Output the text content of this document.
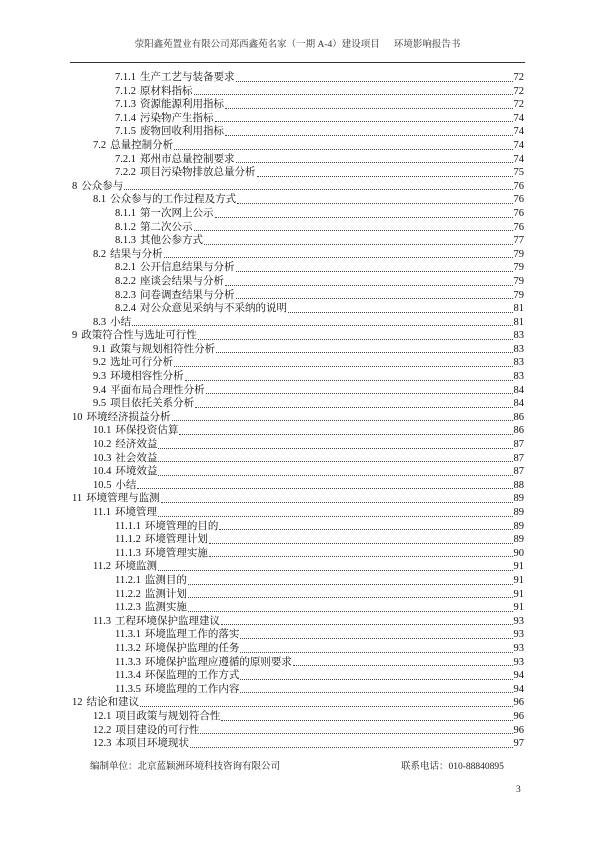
荥阳鑫苑置业有限公司郑西鑫苑名家（一期 A-4）建设项目 环境影响报告书
7.1.1 生产工艺与装备要求	72
7.1.2 原材料指标	72
7.1.3 资源能源利用指标	72
7.1.4 污染物产生指标	74
7.1.5 废物回收利用指标	74
7.2 总量控制分析	74
7.2.1 郑州市总量控制要求	74
7.2.2 项目污染物排放总量分析	75
8 公众参与	76
8.1 公众参与的工作过程及方式	76
8.1.1 第一次网上公示	76
8.1.2 第二次公示	76
8.1.3 其他公参方式	77
8.2 结果与分析	79
8.2.1 公开信息结果与分析	79
8.2.2 座谈会结果与分析	79
8.2.3 问卷调查结果与分析	79
8.2.4 对公众意见采纳与不采纳的说明	81
8.3 小结	81
9 政策符合性与选址可行性	83
9.1 政策与规划相符性分析	83
9.2 选址可行分析	83
9.3 环境相容性分析	83
9.4 平面布局合理性分析	84
9.5 项目依托关系分析	84
10 环境经济损益分析	86
10.1 环保投资估算	86
10.2 经济效益	87
10.3 社会效益	87
10.4 环境效益	87
10.5 小结	88
11 环境管理与监测	89
11.1 环境管理	89
11.1.1 环境管理的目的	89
11.1.2 环境管理计划	89
11.1.3 环境管理实施	90
11.2 环境监测	91
11.2.1 监测目的	91
11.2.2 监测计划	91
11.2.3 监测实施	91
11.3 工程环境保护监理建议	93
11.3.1 环境监理工作的落实	93
11.3.2 环境保护监理的任务	93
11.3.3 环境保护监理应遵循的原则要求	93
11.3.4 环保监理的工作方式	94
11.3.5 环境监理的工作内容	94
12 结论和建议	96
12.1 项目政策与规划符合性	96
12.2 项目建设的可行性	96
12.3 本项目环境现状	97
编制单位：北京蓝颖洲环境科技咨询有限公司	联系电话：010-88840895
3
